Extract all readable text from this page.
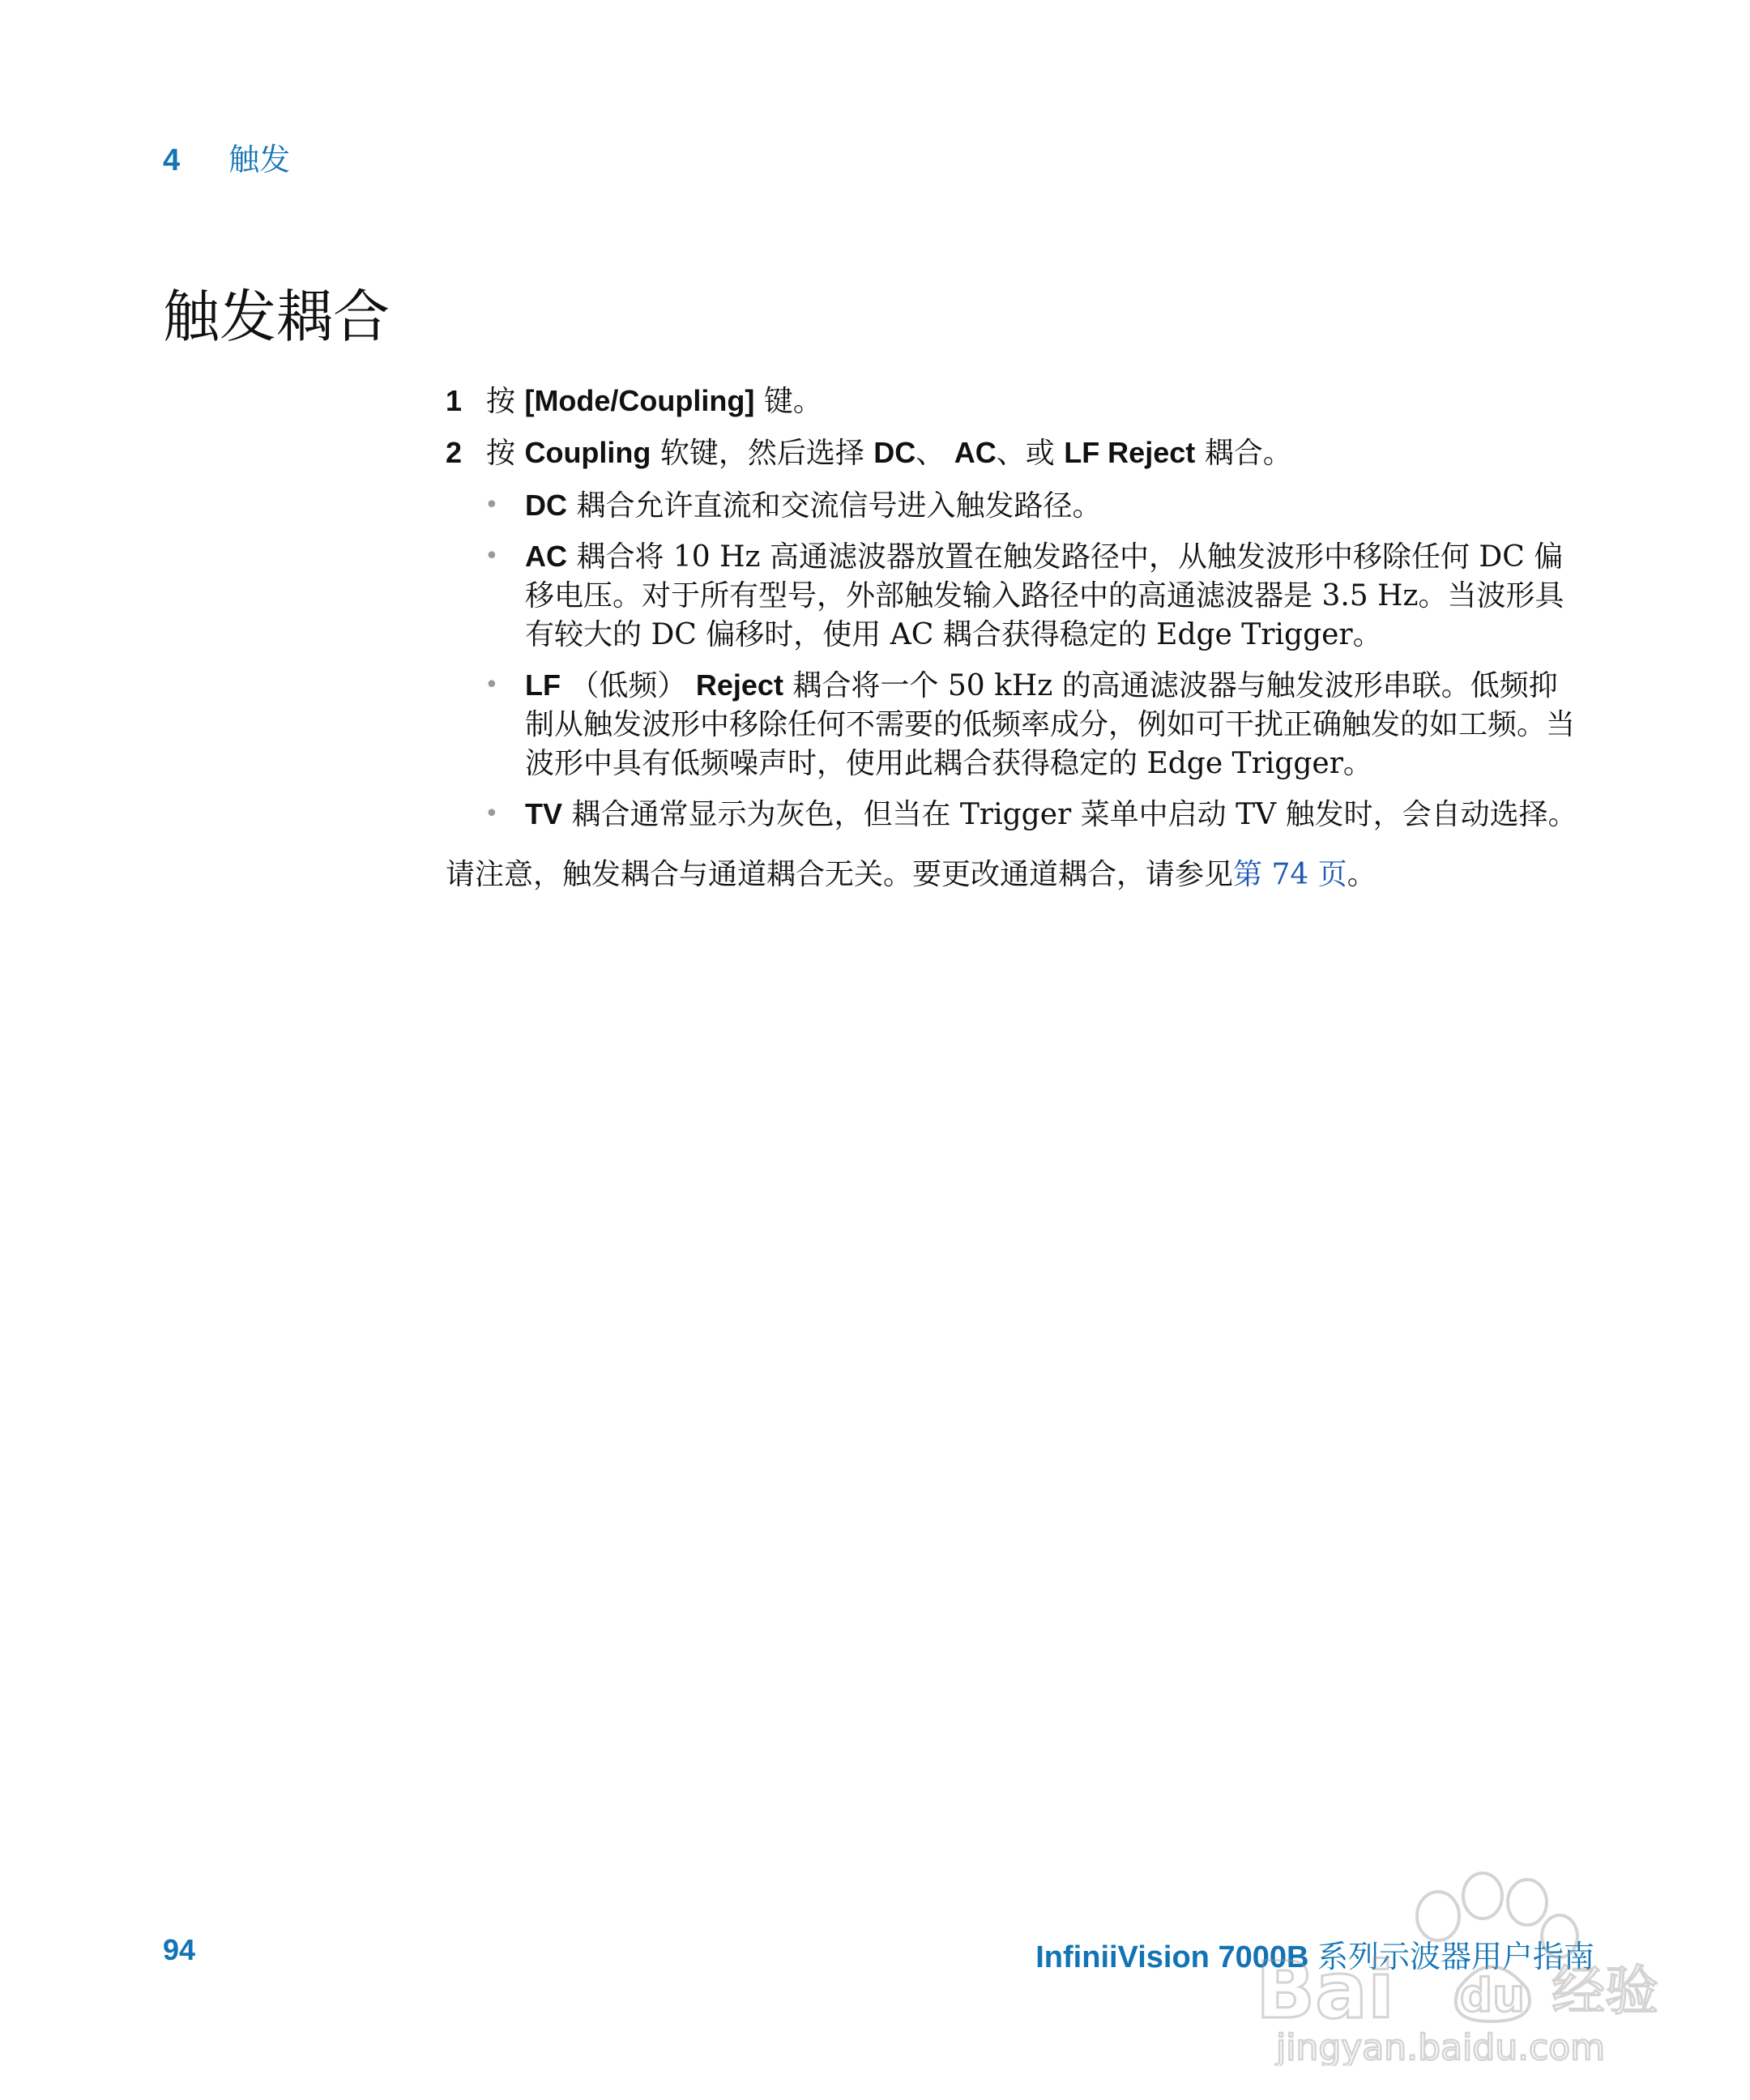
4 触发
触发耦合
1 按 [Mode/Coupling] 键。
2 按 Coupling 软键，然后选择 DC、 AC、或 LF Reject 耦合。
• DC 耦合允许直流和交流信号进入触发路径。
• AC 耦合将 10 Hz 高通滤波器放置在触发路径中，从触发波形中移除任何 DC 偏移电压。对于所有型号，外部触发输入路径中的高通滤波器是 3.5 Hz。当波形具有较大的 DC 偏移时，使用 AC 耦合获得稳定的 Edge Trigger。
• LF （低频） Reject 耦合将一个 50 kHz 的高通滤波器与触发波形串联。低频抑制从触发波形中移除任何不需要的低频率成分，例如可干扰正确触发的如工频。当波形中具有低频噪声时，使用此耦合获得稳定的 Edge Trigger。
• TV 耦合通常显示为灰色，但当在 Trigger 菜单中启动 TV 触发时，会自动选择。
请注意，触发耦合与通道耦合无关。要更改通道耦合，请参见第 74 页。
94	InfiniiVision 7000B 系列示波器用户指南
Bai du 经验
jingyan.baidu.com
